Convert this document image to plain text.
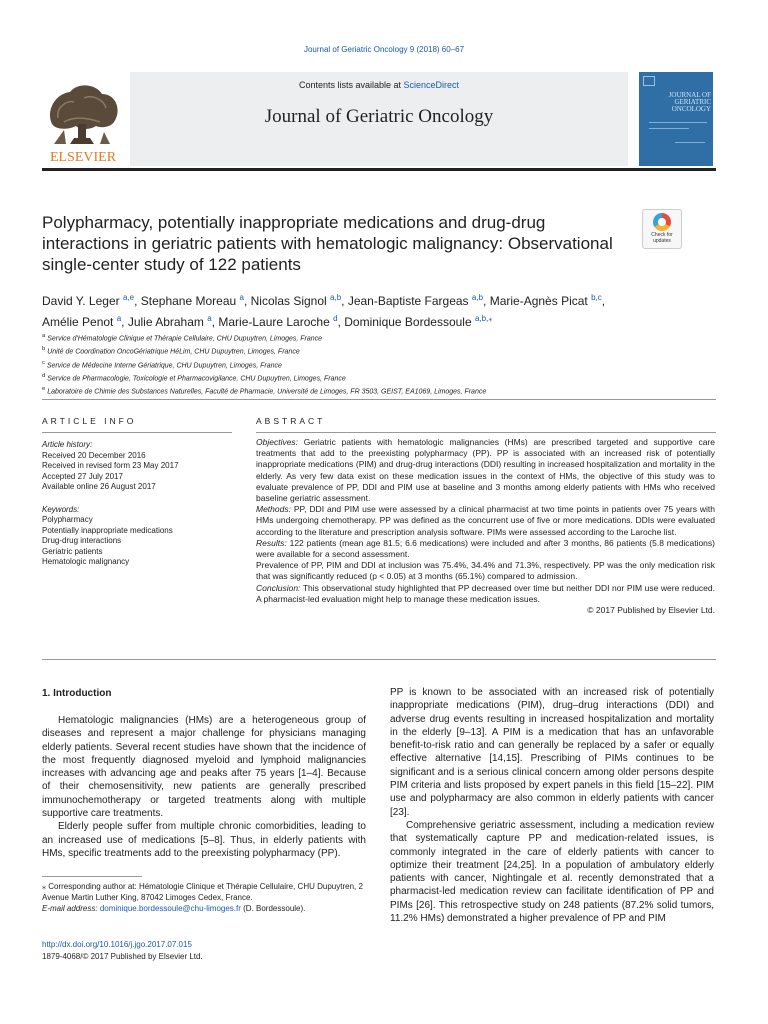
Journal of Geriatric Oncology 9 (2018) 60–67
Contents lists available at ScienceDirect
Journal of Geriatric Oncology
ELSEVIER
JOURNAL OF GERIATRIC ONCOLOGY
Polypharmacy, potentially inappropriate medications and drug-drug interactions in geriatric patients with hematologic malignancy: Observational single-center study of 122 patients
Check for
updates
David Y. Leger $^{a,e}$, Stephane Moreau $^a$, Nicolas Signol $^{a,b}$, Jean-Baptiste Fargeas $^{a,b}$, Marie-Agnès Picat $^{b,c}$,
Amélie Penot $^a$, Julie Abraham $^a$, Marie-Laure Laroche $^d$, Dominique Bordessoule $^{a,b,⁎}$
$^a$ Service d'Hématologie Clinique et Thérapie Cellulaire, CHU Dupuytren, Limoges, France
$^b$ Unité de Coordination OncoGériatrique HéLim, CHU Dupuytren, Limoges, France
$^c$ Service de Médecine Interne Gériatrique, CHU Dupuytren, Limoges, France
$^d$ Service de Pharmacologie, Toxicologie et Pharmacovigilance, CHU Dupuytren, Limoges, France
$^e$ Laboratoire de Chimie des Substances Naturelles, Faculté de Pharmacie, Université de Limoges, FR 3503, GEIST, EA1069, Limoges, France
ARTICLE INFO
Article history:
Received 20 December 2016
Received in revised form 23 May 2017
Accepted 27 July 2017
Available online 26 August 2017
Keywords:
Polypharmacy
Potentially inappropriate medications
Drug-drug interactions
Geriatric patients
Hematologic malignancy
ABSTRACT

Objectives: Geriatric patients with hematologic malignancies (HMs) are prescribed targeted and supportive care treatments that add to the preexisting polypharmacy (PP). PP is associated with an increased risk of potentially inappropriate medications (PIM) and drug-drug interactions (DDI) resulting in increased hospitalization and mortality in the elderly. As very few data exist on these medication issues in the context of HMs, the objective of this study was to evaluate prevalence of PP, DDI and PIM use at baseline and 3 months among elderly patients with HMs who received baseline geriatric assessment.

Methods: PP, DDI and PIM use were assessed by a clinical pharmacist at two time points in patients over 75 years with HMs undergoing chemotherapy. PP was defined as the concurrent use of five or more medications. DDIs were evaluated according to the literature and prescription analysis software. PIMs were assessed according to the Laroche list.

Results: 122 patients (mean age 81.5; 6.6 medications) were included and after 3 months, 86 patients (5.8 medications) were available for a second assessment.

Prevalence of PP, PIM and DDI at inclusion was 75.4%, 34.4% and 71.3%, respectively. PP was the only medication risk that was significantly reduced (p < 0.05) at 3 months (65.1%) compared to admission.

Conclusion: This observational study highlighted that PP decreased over time but neither DDI nor PIM use were reduced. A pharmacist-led evaluation might help to manage these medication issues.

© 2017 Published by Elsevier Ltd.

1. Introduction

Hematologic malignancies (HMs) are a heterogeneous group of diseases and represent a major challenge for physicians managing elderly patients. Several recent studies have shown that the incidence of the most frequently diagnosed myeloid and lymphoid malignancies increases with advancing age and peaks after 75 years [1–4]. Because of their chemosensitivity, new patients are generally prescribed immunochemotherapy or targeted treatments along with multiple supportive care treatments.

Elderly people suffer from multiple chronic comorbidities, leading to an increased use of medications [5–8]. Thus, in elderly patients with HMs, specific treatments add to the preexisting polypharmacy (PP).

PP is known to be associated with an increased risk of potentially inappropriate medications (PIM), drug–drug interactions (DDI) and adverse drug events resulting in increased hospitalization and mortality in the elderly [9–13]. A PIM is a medication that has an unfavorable benefit-to-risk ratio and can generally be replaced by a safer or equally effective alternative [14,15]. Prescribing of PIMs continues to be significant and is a serious clinical concern among older persons despite PIM criteria and lists proposed by expert panels in this field [15–22]. PIM use and polypharmacy are also common in elderly patients with cancer [23].

Comprehensive geriatric assessment, including a medication review that systematically capture PP and medication-related issues, is commonly integrated in the care of elderly patients with cancer to optimize their treatment [24,25]. In a population of ambulatory elderly patients with cancer, Nightingale et al. recently demonstrated that a pharmacist-led medication review can facilitate identification of PP and PIMs [26]. This retrospective study on 248 patients (87.2% solid tumors, 11.2% HMs) demonstrated a higher prevalence of PP and PIM

⁎ Corresponding author at: Hématologie Clinique et Thérapie Cellulaire, CHU Dupuytren, 2 Avenue Martin Luther King, 87042 Limoges Cedex, France.
E-mail address: dominique.bordessoule@chu-limoges.fr (D. Bordessoule).
http://dx.doi.org/10.1016/j.jgo.2017.07.015
1879-4068/© 2017 Published by Elsevier Ltd.
